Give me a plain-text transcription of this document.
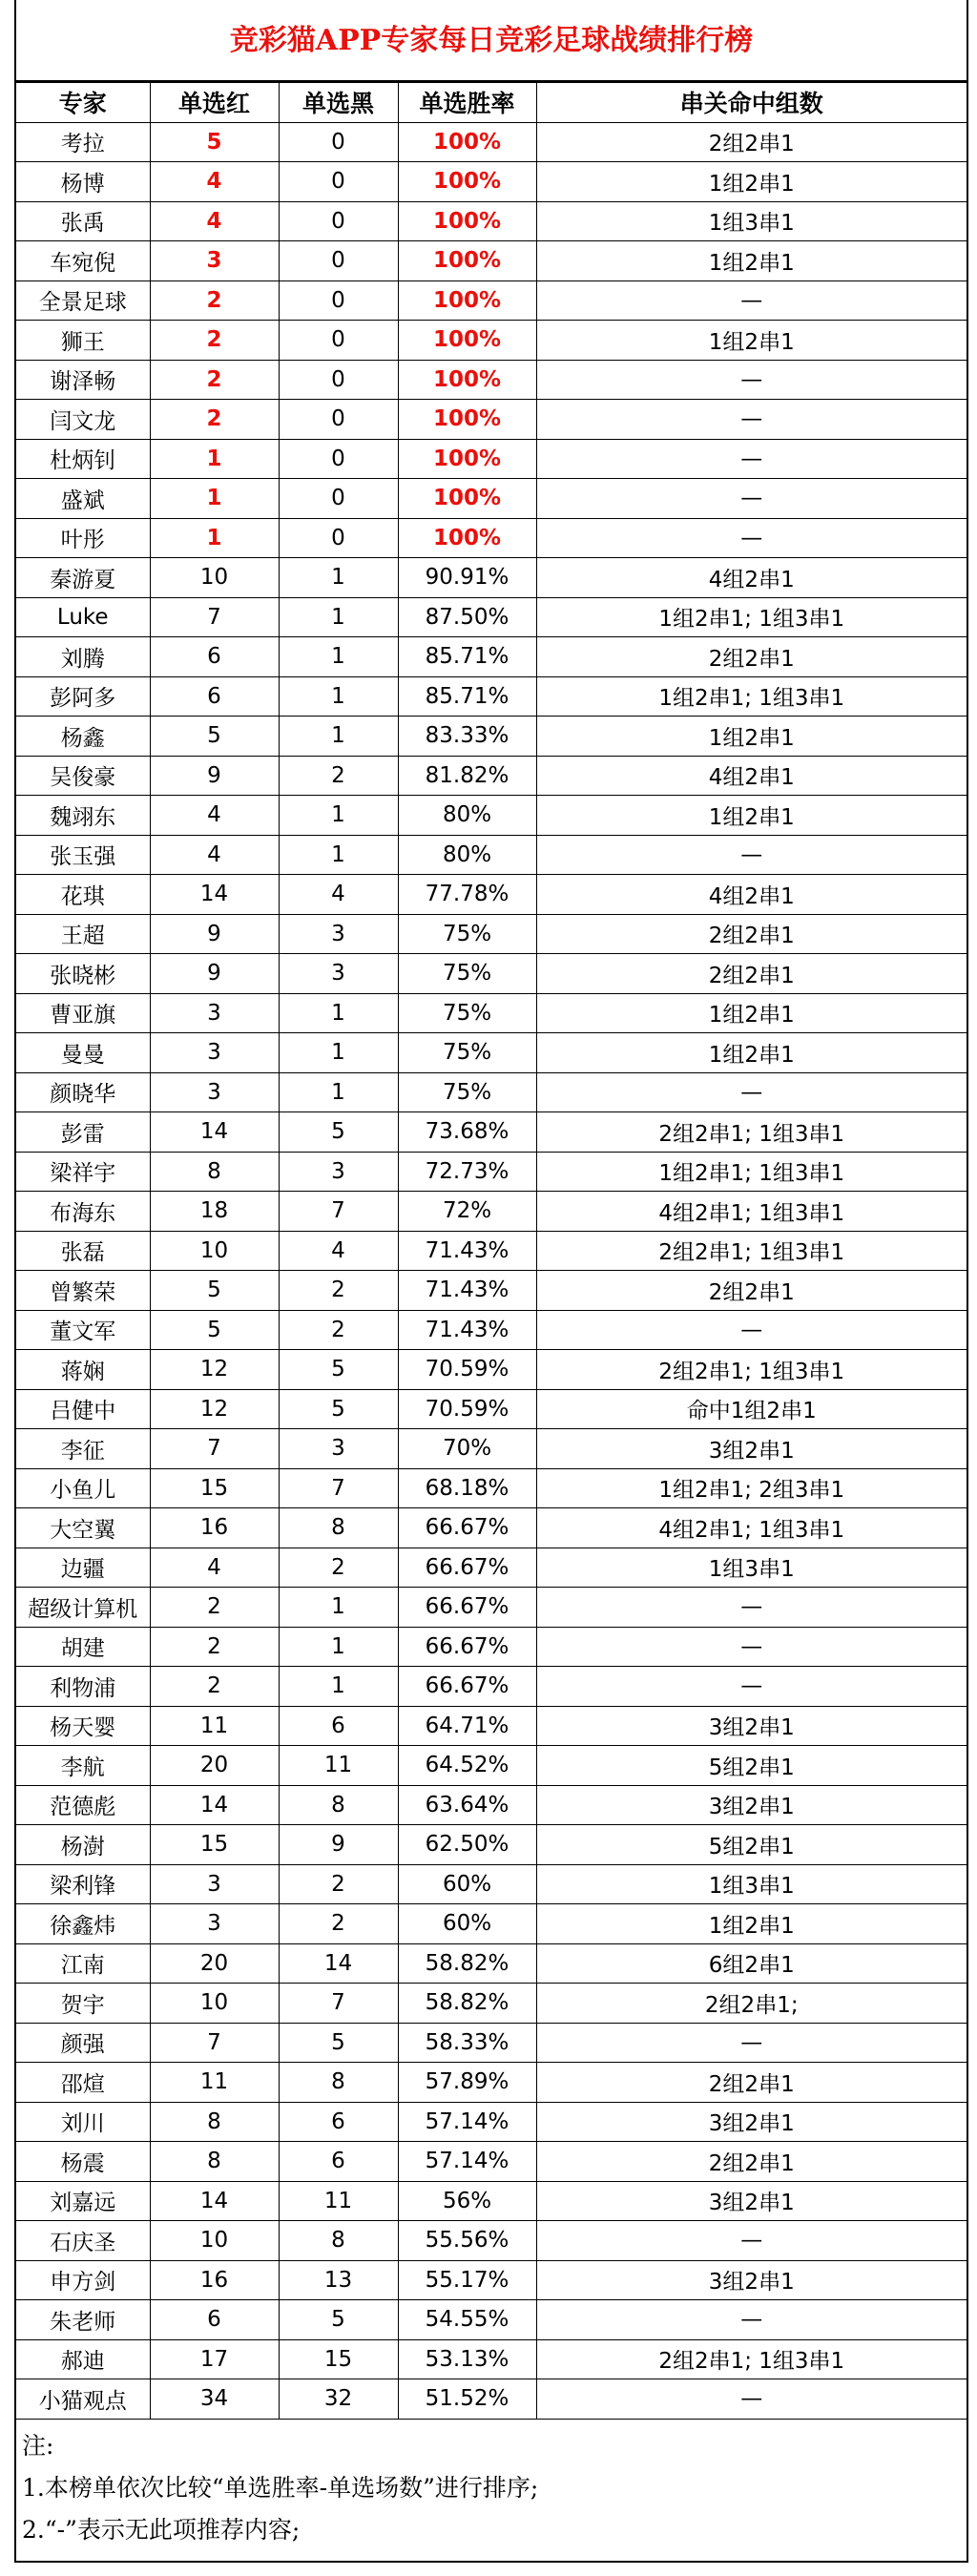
竞彩猫APP专家每日竞彩足球战绩排行榜
专家	单选红	单选黑	单选胜率	串关命中组数
考拉	5	0	100%	2组2串1
杨博	4	0	100%	1组2串1
张禹	4	0	100%	1组3串1
车宛倪	3	0	100%	1组2串1
全景足球	2	0	100%	—
狮王	2	0	100%	1组2串1
谢泽畅	2	0	100%	—
闫文龙	2	0	100%	—
杜炳钊	1	0	100%	—
盛斌	1	0	100%	—
叶彤	1	0	100%	—
秦游夏	10	1	90.91%	4组2串1
Luke	7	1	87.50%	1组2串1; 1组3串1
刘腾	6	1	85.71%	2组2串1
彭阿多	6	1	85.71%	1组2串1; 1组3串1
杨鑫	5	1	83.33%	1组2串1
吴俊豪	9	2	81.82%	4组2串1
魏翊东	4	1	80%	1组2串1
张玉强	4	1	80%	—
花琪	14	4	77.78%	4组2串1
王超	9	3	75%	2组2串1
张晓彬	9	3	75%	2组2串1
曹亚旗	3	1	75%	1组2串1
曼曼	3	1	75%	1组2串1
颜晓华	3	1	75%	—
彭雷	14	5	73.68%	2组2串1; 1组3串1
梁祥宇	8	3	72.73%	1组2串1; 1组3串1
布海东	18	7	72%	4组2串1; 1组3串1
张磊	10	4	71.43%	2组2串1; 1组3串1
曾繁荣	5	2	71.43%	2组2串1
董文军	5	2	71.43%	—
蒋娴	12	5	70.59%	2组2串1; 1组3串1
吕健中	12	5	70.59%	命中1组2串1
李征	7	3	70%	3组2串1
小鱼儿	15	7	68.18%	1组2串1; 2组3串1
大空翼	16	8	66.67%	4组2串1; 1组3串1
边疆	4	2	66.67%	1组3串1
超级计算机	2	1	66.67%	—
胡建	2	1	66.67%	—
利物浦	2	1	66.67%	—
杨天婴	11	6	64.71%	3组2串1
李航	20	11	64.52%	5组2串1
范德彪	14	8	63.64%	3组2串1
杨澍	15	9	62.50%	5组2串1
梁利锋	3	2	60%	1组3串1
徐鑫炜	3	2	60%	1组2串1
江南	20	14	58.82%	6组2串1
贺宇	10	7	58.82%	2组2串1;
颜强	7	5	58.33%	—
邵煊	11	8	57.89%	2组2串1
刘川	8	6	57.14%	3组2串1
杨震	8	6	57.14%	2组2串1
刘嘉远	14	11	56%	3组2串1
石庆圣	10	8	55.56%	—
申方剑	16	13	55.17%	3组2串1
朱老师	6	5	54.55%	—
郝迪	17	15	53.13%	2组2串1; 1组3串1
小猫观点	34	32	51.52%	—
注:
1.本榜单依次比较“单选胜率-单选场数”进行排序;
2.“-”表示无此项推荐内容;
